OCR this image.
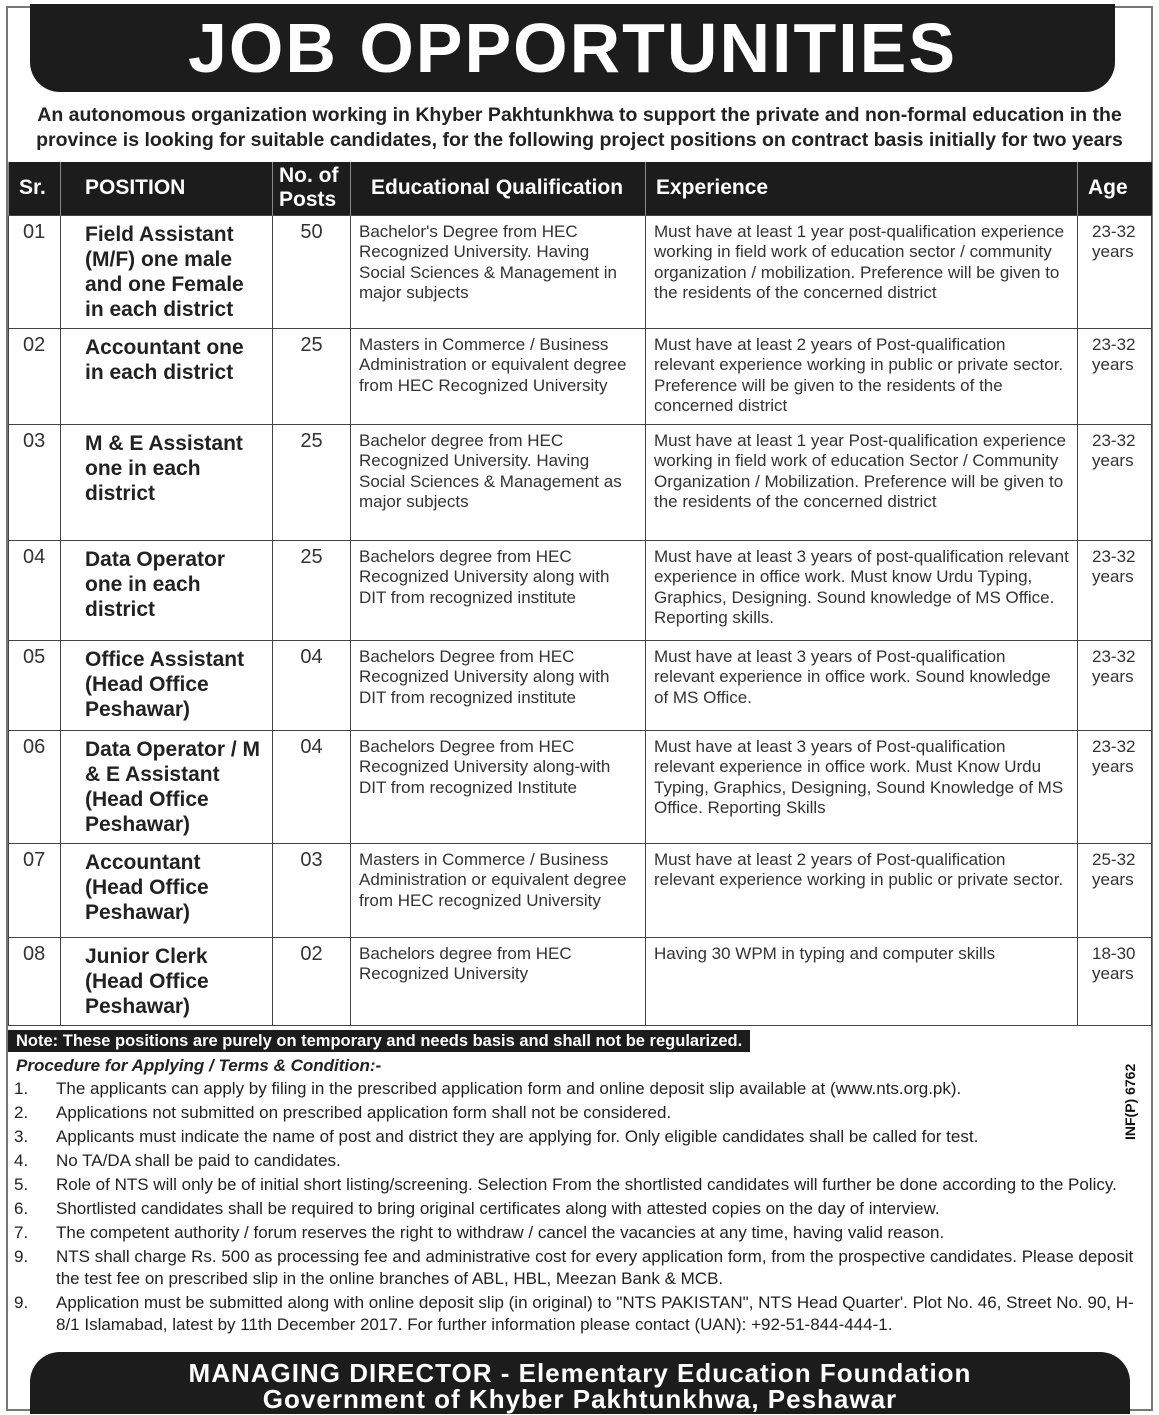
JOB OPPORTUNITIES
An autonomous organization working in Khyber Pakhtunkhwa to support the private and non-formal education in the province is looking for suitable candidates, for the following project positions on contract basis initially for two years
Sr.	POSITION	No. of Posts	Educational Qualification	Experience	Age
01	Field Assistant (M/F) one male and one Female in each district	50	Bachelor's Degree from HEC Recognized University. Having Social Sciences & Management in major subjects	Must have at least 1 year post-qualification experience working in field work of education sector / community organization / mobilization. Preference will be given to the residents of the concerned district	23-32 years
02	Accountant one in each district	25	Masters in Commerce / Business Administration or equivalent degree from HEC Recognized University	Must have at least 2 years of Post-qualification relevant experience working in public or private sector. Preference will be given to the residents of the concerned district	23-32 years
03	M & E Assistant one in each district	25	Bachelor degree from HEC Recognized University. Having Social Sciences & Management as major subjects	Must have at least 1 year Post-qualification experience working in field work of education Sector / Community Organization / Mobilization. Preference will be given to the residents of the concerned district	23-32 years
04	Data Operator one in each district	25	Bachelors degree from HEC Recognized University along with DIT from recognized institute	Must have at least 3 years of post-qualification relevant experience in office work. Must know Urdu Typing, Graphics, Designing. Sound knowledge of MS Office. Reporting skills.	23-32 years
05	Office Assistant (Head Office Peshawar)	04	Bachelors Degree from HEC Recognized University along with DIT from recognized institute	Must have at least 3 years of Post-qualification relevant experience in office work. Sound knowledge of MS Office.	23-32 years
06	Data Operator / M & E Assistant (Head Office Peshawar)	04	Bachelors Degree from HEC Recognized University along-with DIT from recognized Institute	Must have at least 3 years of Post-qualification relevant experience in office work. Must Know Urdu Typing, Graphics, Designing, Sound Knowledge of MS Office. Reporting Skills	23-32 years
07	Accountant (Head Office Peshawar)	03	Masters in Commerce / Business Administration or equivalent degree from HEC recognized University	Must have at least 2 years of Post-qualification relevant experience working in public or private sector.	25-32 years
08	Junior Clerk (Head Office Peshawar)	02	Bachelors degree from HEC Recognized University	Having 30 WPM in typing and computer skills	18-30 years
Note: These positions are purely on temporary and needs basis and shall not be regularized.
Procedure for Applying / Terms & Condition:-
1.	The applicants can apply by filing in the prescribed application form and online deposit slip available at (www.nts.org.pk).
2.	Applications not submitted on prescribed application form shall not be considered.
3.	Applicants must indicate the name of post and district they are applying for. Only eligible candidates shall be called for test.
4.	No TA/DA shall be paid to candidates.
5.	Role of NTS will only be of initial short listing/screening. Selection From the shortlisted candidates will further be done according to the Policy.
6.	Shortlisted candidates shall be required to bring original certificates along with attested copies on the day of interview.
7.	The competent authority / forum reserves the right to withdraw / cancel the vacancies at any time, having valid reason.
9.	NTS shall charge Rs. 500 as processing fee and administrative cost for every application form, from the prospective candidates. Please deposit the test fee on prescribed slip in the online branches of ABL, HBL, Meezan Bank & MCB.
9.	Application must be submitted along with online deposit slip (in original) to "NTS PAKISTAN", NTS Head Quarter'. Plot No. 46, Street No. 90, H-8/1 Islamabad, latest by 11th December 2017. For further information please contact (UAN): +92-51-844-444-1.
INF(P) 6762
MANAGING DIRECTOR - Elementary Education Foundation
Government of Khyber Pakhtunkhwa, Peshawar
